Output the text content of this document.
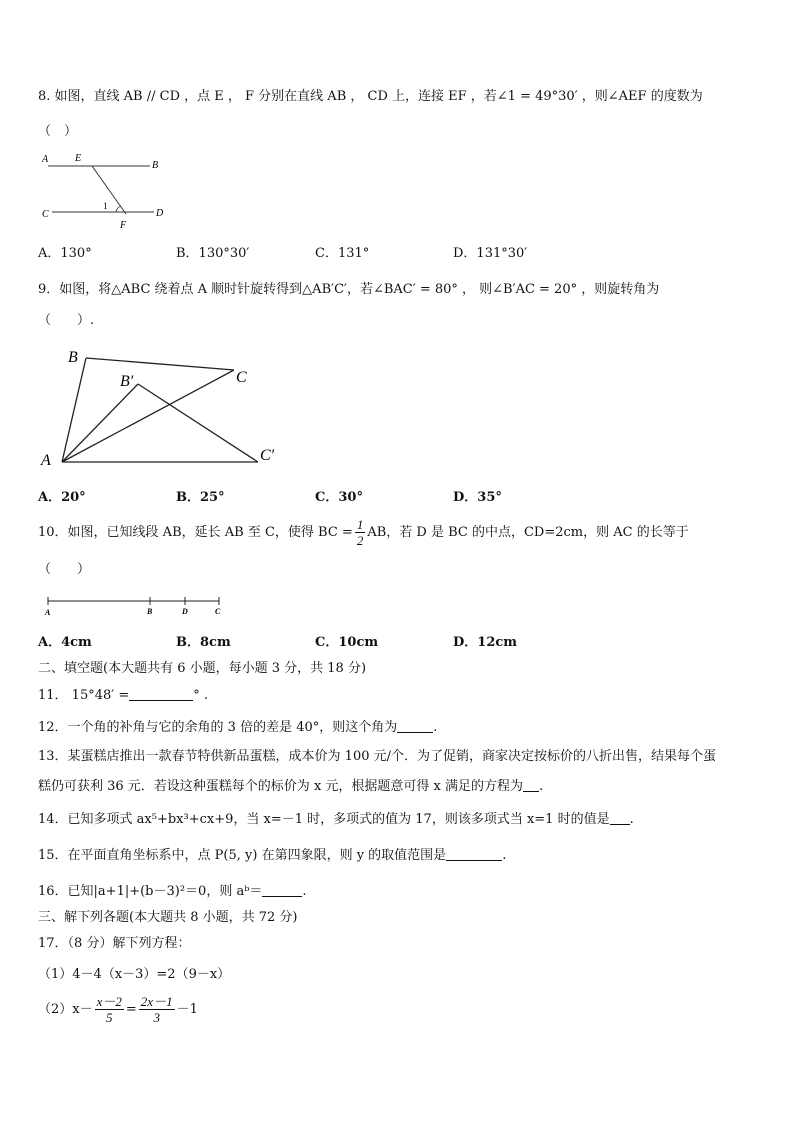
8. 如图，直线 AB // CD ，点 E ， F 分别在直线 AB ， CD 上，连接 EF ，若∠1 = 49°30′ ，则∠AEF 的度数为
（　）
A	E
B
C
1
D
F
A．130°	B．130°30′	C．131°	D．131°30′
9．如图，将△ABC 绕着点 A 顺时针旋转得到△AB′C′，若∠BAC′ = 80° ， 则∠B′AC = 20° ，则旋转角为
（　　）.
B
B′	C
A	C′
A．20°	B．25°	C．30°	D．35°
10．如图，已知线段 AB，延长 AB 至 C，使得 BC = $\frac{1}{2}$ AB，若 D 是 BC 的中点，CD=2cm，则 AC 的长等于
（　　）
A	B	D	C
A．4cm	B．8cm	C．10cm	D．12cm
二、填空题(本大题共有 6 小题，每小题 3 分，共 18 分)
11． 15°48′ =	° .
12．一个角的补角与它的余角的 3 倍的差是 40°，则这个角为	.
13．某蛋糕店推出一款春节特供新品蛋糕，成本价为 100 元/个．为了促销，商家决定按标价的八折出售，结果每个蛋
糕仍可获利 36 元．若设这种蛋糕每个的标价为 x 元，根据题意可得 x 满足的方程为 .
14．已知多项式 ax⁵+bx³+cx+9，当 x=－1 时，多项式的值为 17，则该多项式当 x=1 时的值是 .
15．在平面直角坐标系中，点 P(5, y) 在第四象限，则 y 的取值范围是	.
16．已知|a+1|+(b－3)²＝0，则 aᵇ＝	.
三、解下列各题(本大题共 8 小题，共 72 分)
17．（8 分）解下列方程：
（1）4－4（x－3）=2（9－x）
$(2)x- \frac{x-2}{5} = \frac{2x-1}{3} -1$
